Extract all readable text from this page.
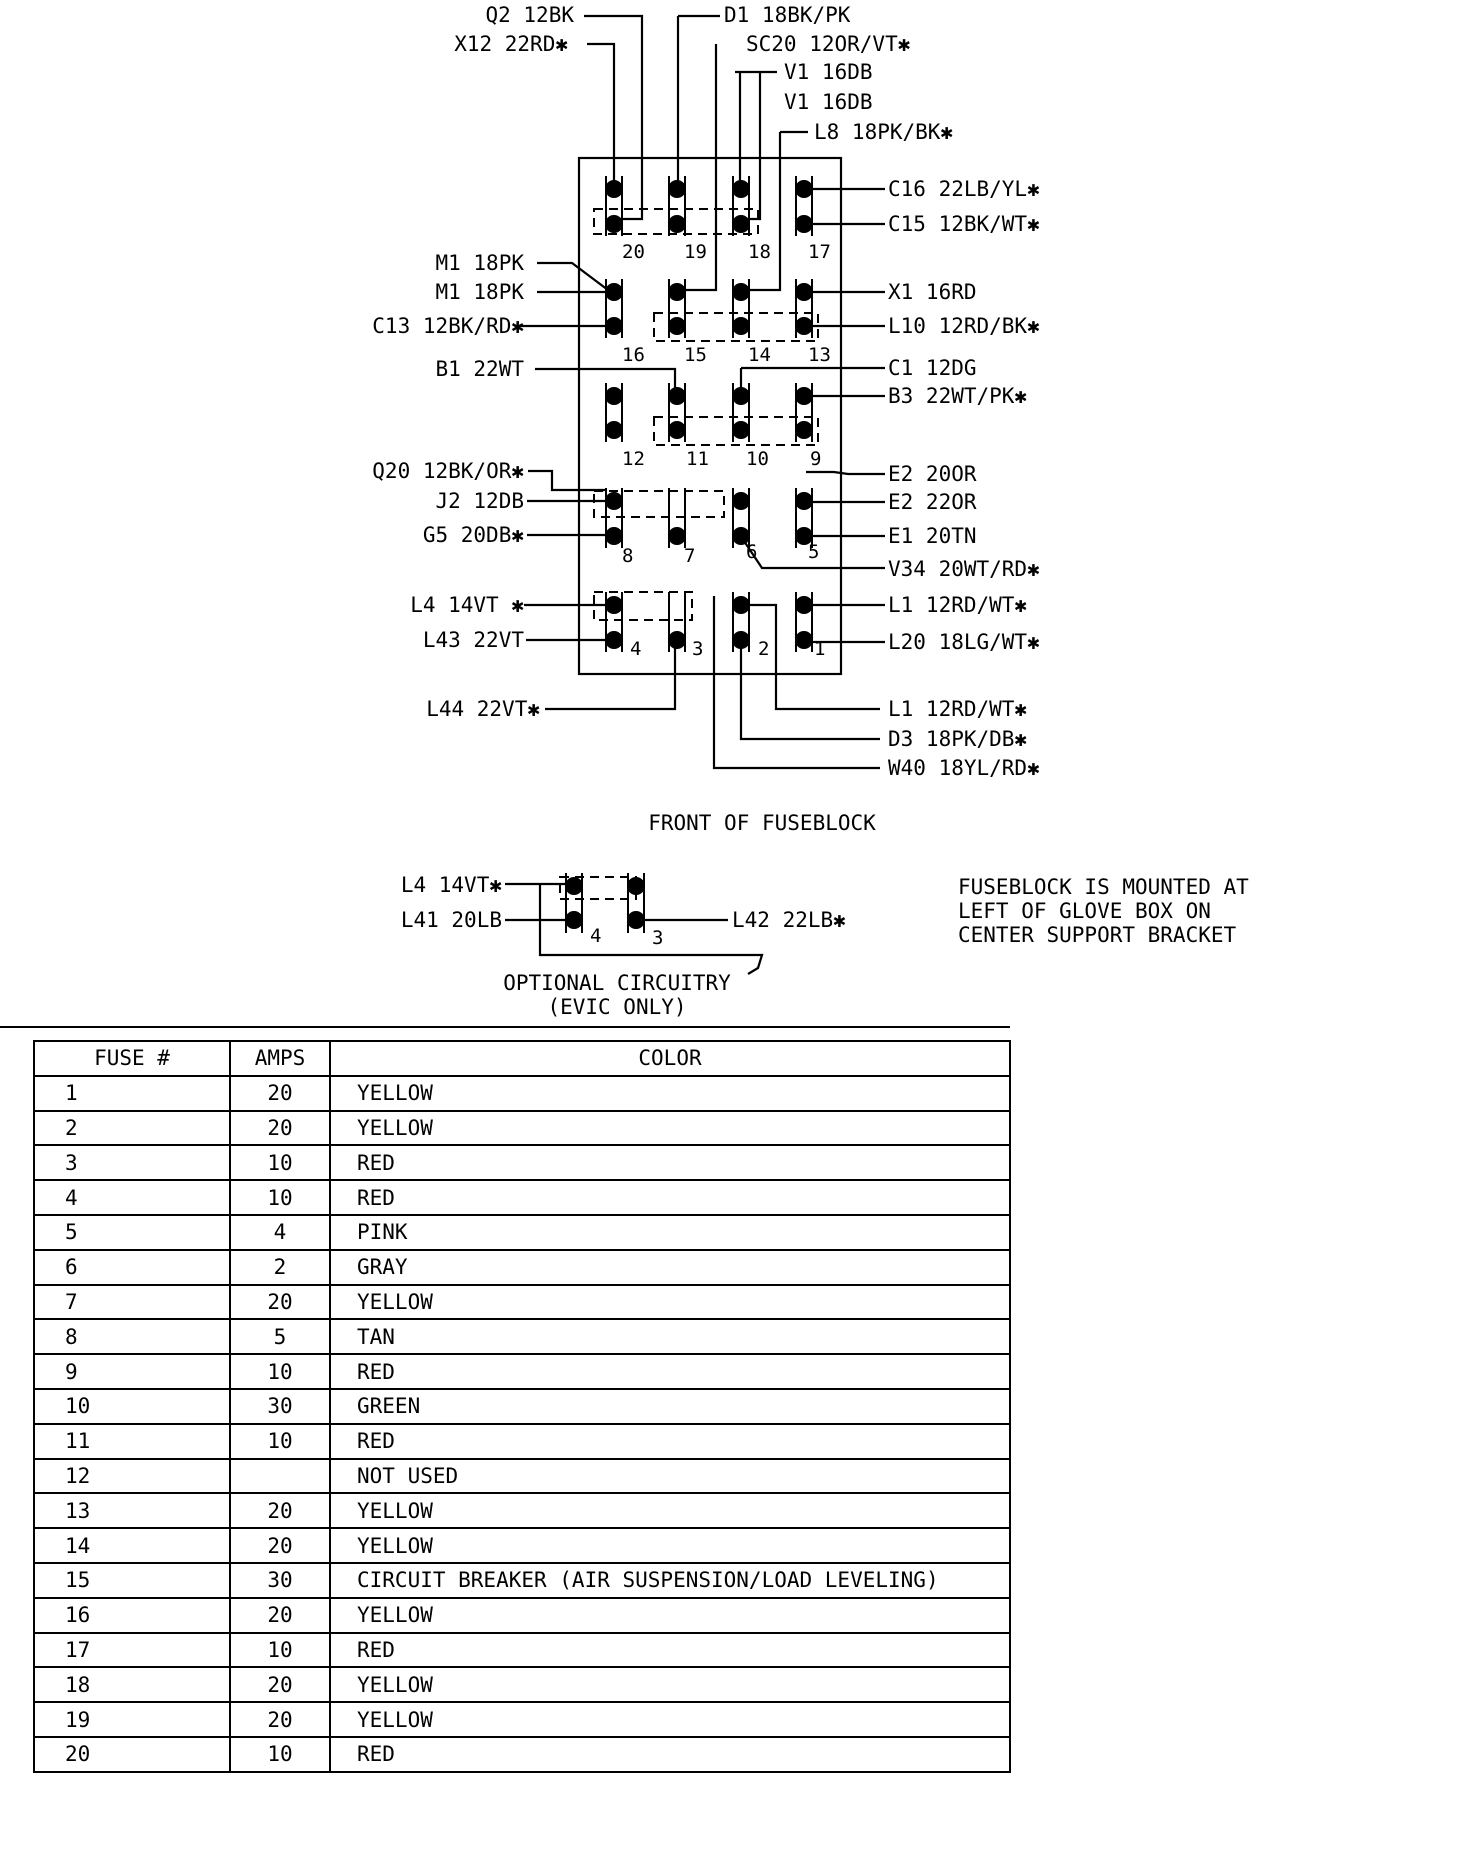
20 19 18 17
16 15 14 13
12 11 10 9
8	7	6	5
4	3	2 1
Q2 12BK	D1 18BK/PK
X12 22RD✱	SC20 12OR/VT✱
V1 16DB
V1 16DB
L8 18PK/BK✱
M1 18PK
M1 18PK
C13 12BK/RD✱
B1 22WT
Q20 12BK/OR✱
J2 12DB
G5 20DB✱
L4 14VT ✱
L43 22VT
L44 22VT✱
C16 22LB/YL✱
C15 12BK/WT✱
X1 16RD
L10 12RD/BK✱
C1 12DG
B3 22WT/PK✱
E2 20OR
E2 22OR
E1 20TN
V34 20WT/RD✱
L1 12RD/WT✱
L20 18LG/WT✱
L1 12RD/WT✱
D3 18PK/DB✱
W40 18YL/RD✱
FRONT OF FUSEBLOCK
L4 14VT✱
L41 20LB	L42 22LB✱
4	3
OPTIONAL CIRCUITRY
(EVIC ONLY)
FUSEBLOCK IS MOUNTED AT
LEFT OF GLOVE BOX ON
CENTER SUPPORT BRACKET
FUSE #	AMPS	COLOR
1	20	YELLOW
2	20	YELLOW
3	10	RED
4	10	RED
5	4	PINK
6	2	GRAY
7	20	YELLOW
8	5	TAN
9	10	RED
10	30	GREEN
11	10	RED
12		NOT USED
13	20	YELLOW
14	20	YELLOW
15	30	CIRCUIT BREAKER (AIR SUSPENSION/LOAD LEVELING)
16	20	YELLOW
17	10	RED
18	20	YELLOW
19	20	YELLOW
20	10	RED
